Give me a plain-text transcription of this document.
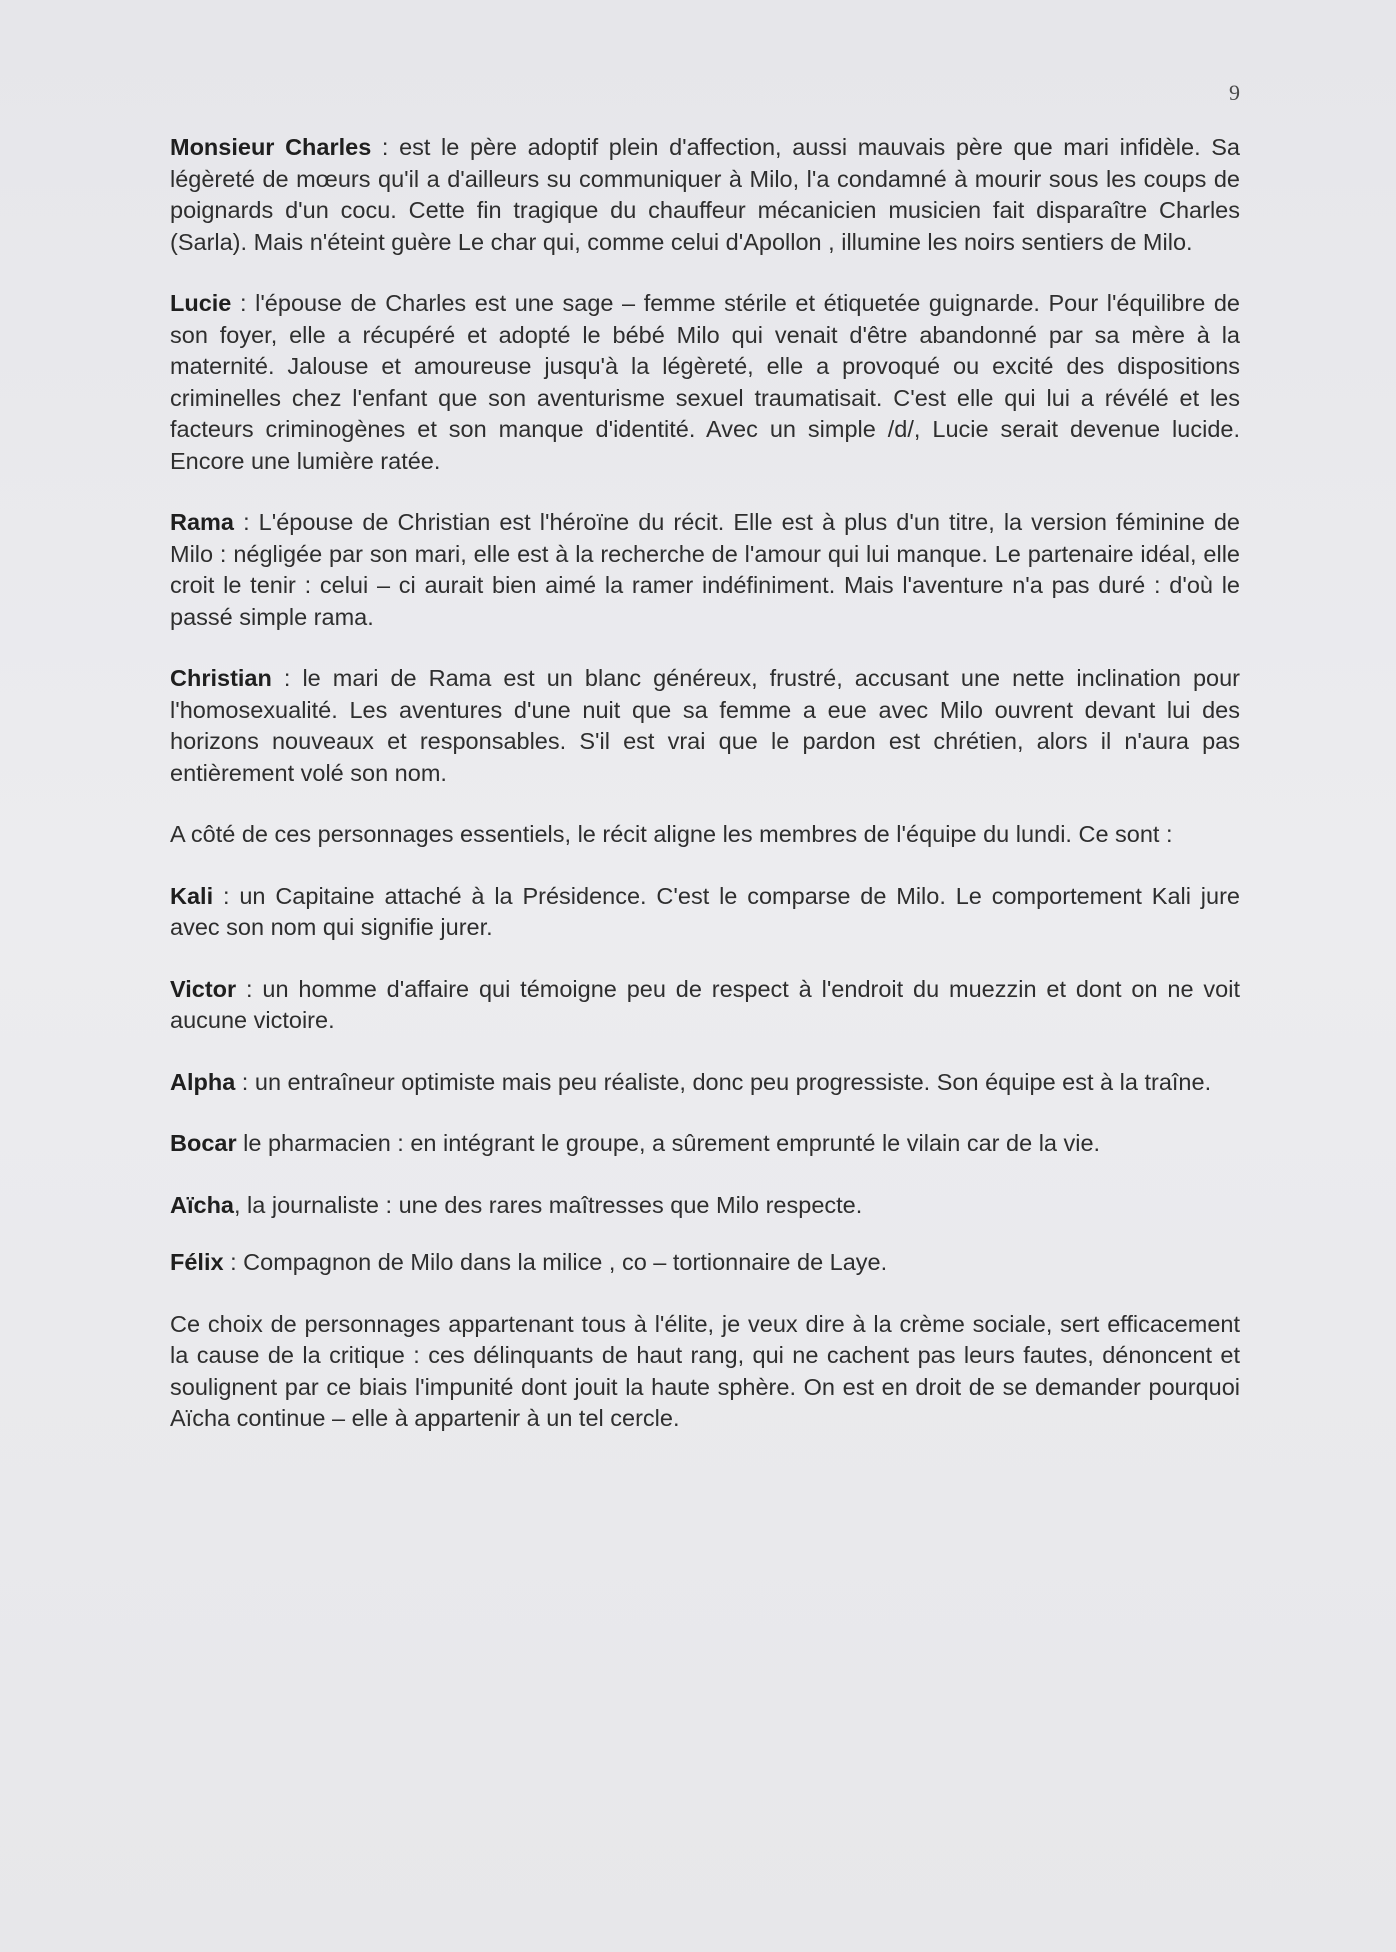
9

Monsieur Charles : est le père adoptif plein d'affection, aussi mauvais père que mari infidèle. Sa légèreté de mœurs qu'il a d'ailleurs su communiquer à Milo, l'a condamné à mourir sous les coups de poignards d'un cocu. Cette fin tragique du chauffeur mécanicien musicien fait disparaître Charles (Sarla). Mais n'éteint guère Le char qui, comme celui d'Apollon , illumine les noirs sentiers de Milo.

Lucie : l'épouse de Charles est une sage – femme stérile et étiquetée guignarde. Pour l'équilibre de son foyer, elle a récupéré et adopté le bébé Milo qui venait d'être abandonné par sa mère à la maternité. Jalouse et amoureuse jusqu'à la légèreté, elle a provoqué ou excité des dispositions criminelles chez l'enfant que son aventurisme sexuel traumatisait. C'est elle qui lui a révélé et les facteurs criminogènes et son manque d'identité. Avec un simple /d/, Lucie serait devenue lucide. Encore une lumière ratée.

Rama : L'épouse de Christian est l'héroïne du récit. Elle est à plus d'un titre, la version féminine de Milo : négligée par son mari, elle est à la recherche de l'amour qui lui manque. Le partenaire idéal, elle croit le tenir : celui – ci aurait bien aimé la ramer indéfiniment. Mais l'aventure n'a pas duré : d'où le passé simple rama.

Christian : le mari de Rama est un blanc généreux, frustré, accusant une nette inclination pour l'homosexualité. Les aventures d'une nuit que sa femme a eue avec Milo ouvrent devant lui des horizons nouveaux et responsables. S'il est vrai que le pardon est chrétien, alors il n'aura pas entièrement volé son nom.

A côté de ces personnages essentiels, le récit aligne les membres de l'équipe du lundi. Ce sont :

Kali : un Capitaine attaché à la Présidence. C'est le comparse de Milo. Le comportement Kali jure avec son nom qui signifie jurer.

Victor : un homme d'affaire qui témoigne peu de respect à l'endroit du muezzin et dont on ne voit aucune victoire.

Alpha : un entraîneur optimiste mais peu réaliste, donc peu progressiste. Son équipe est à la traîne.

Bocar le pharmacien : en intégrant le groupe, a sûrement emprunté le vilain car de la vie.

Aïcha, la journaliste : une des rares maîtresses que Milo respecte.

Félix : Compagnon de Milo dans la milice , co – tortionnaire de Laye.

Ce choix de personnages appartenant tous à l'élite, je veux dire à la crème sociale, sert efficacement la cause de la critique : ces délinquants de haut rang, qui ne cachent pas leurs fautes, dénoncent et soulignent par ce biais l'impunité dont jouit la haute sphère. On est en droit de se demander pourquoi Aïcha continue – elle à appartenir à un tel cercle.
